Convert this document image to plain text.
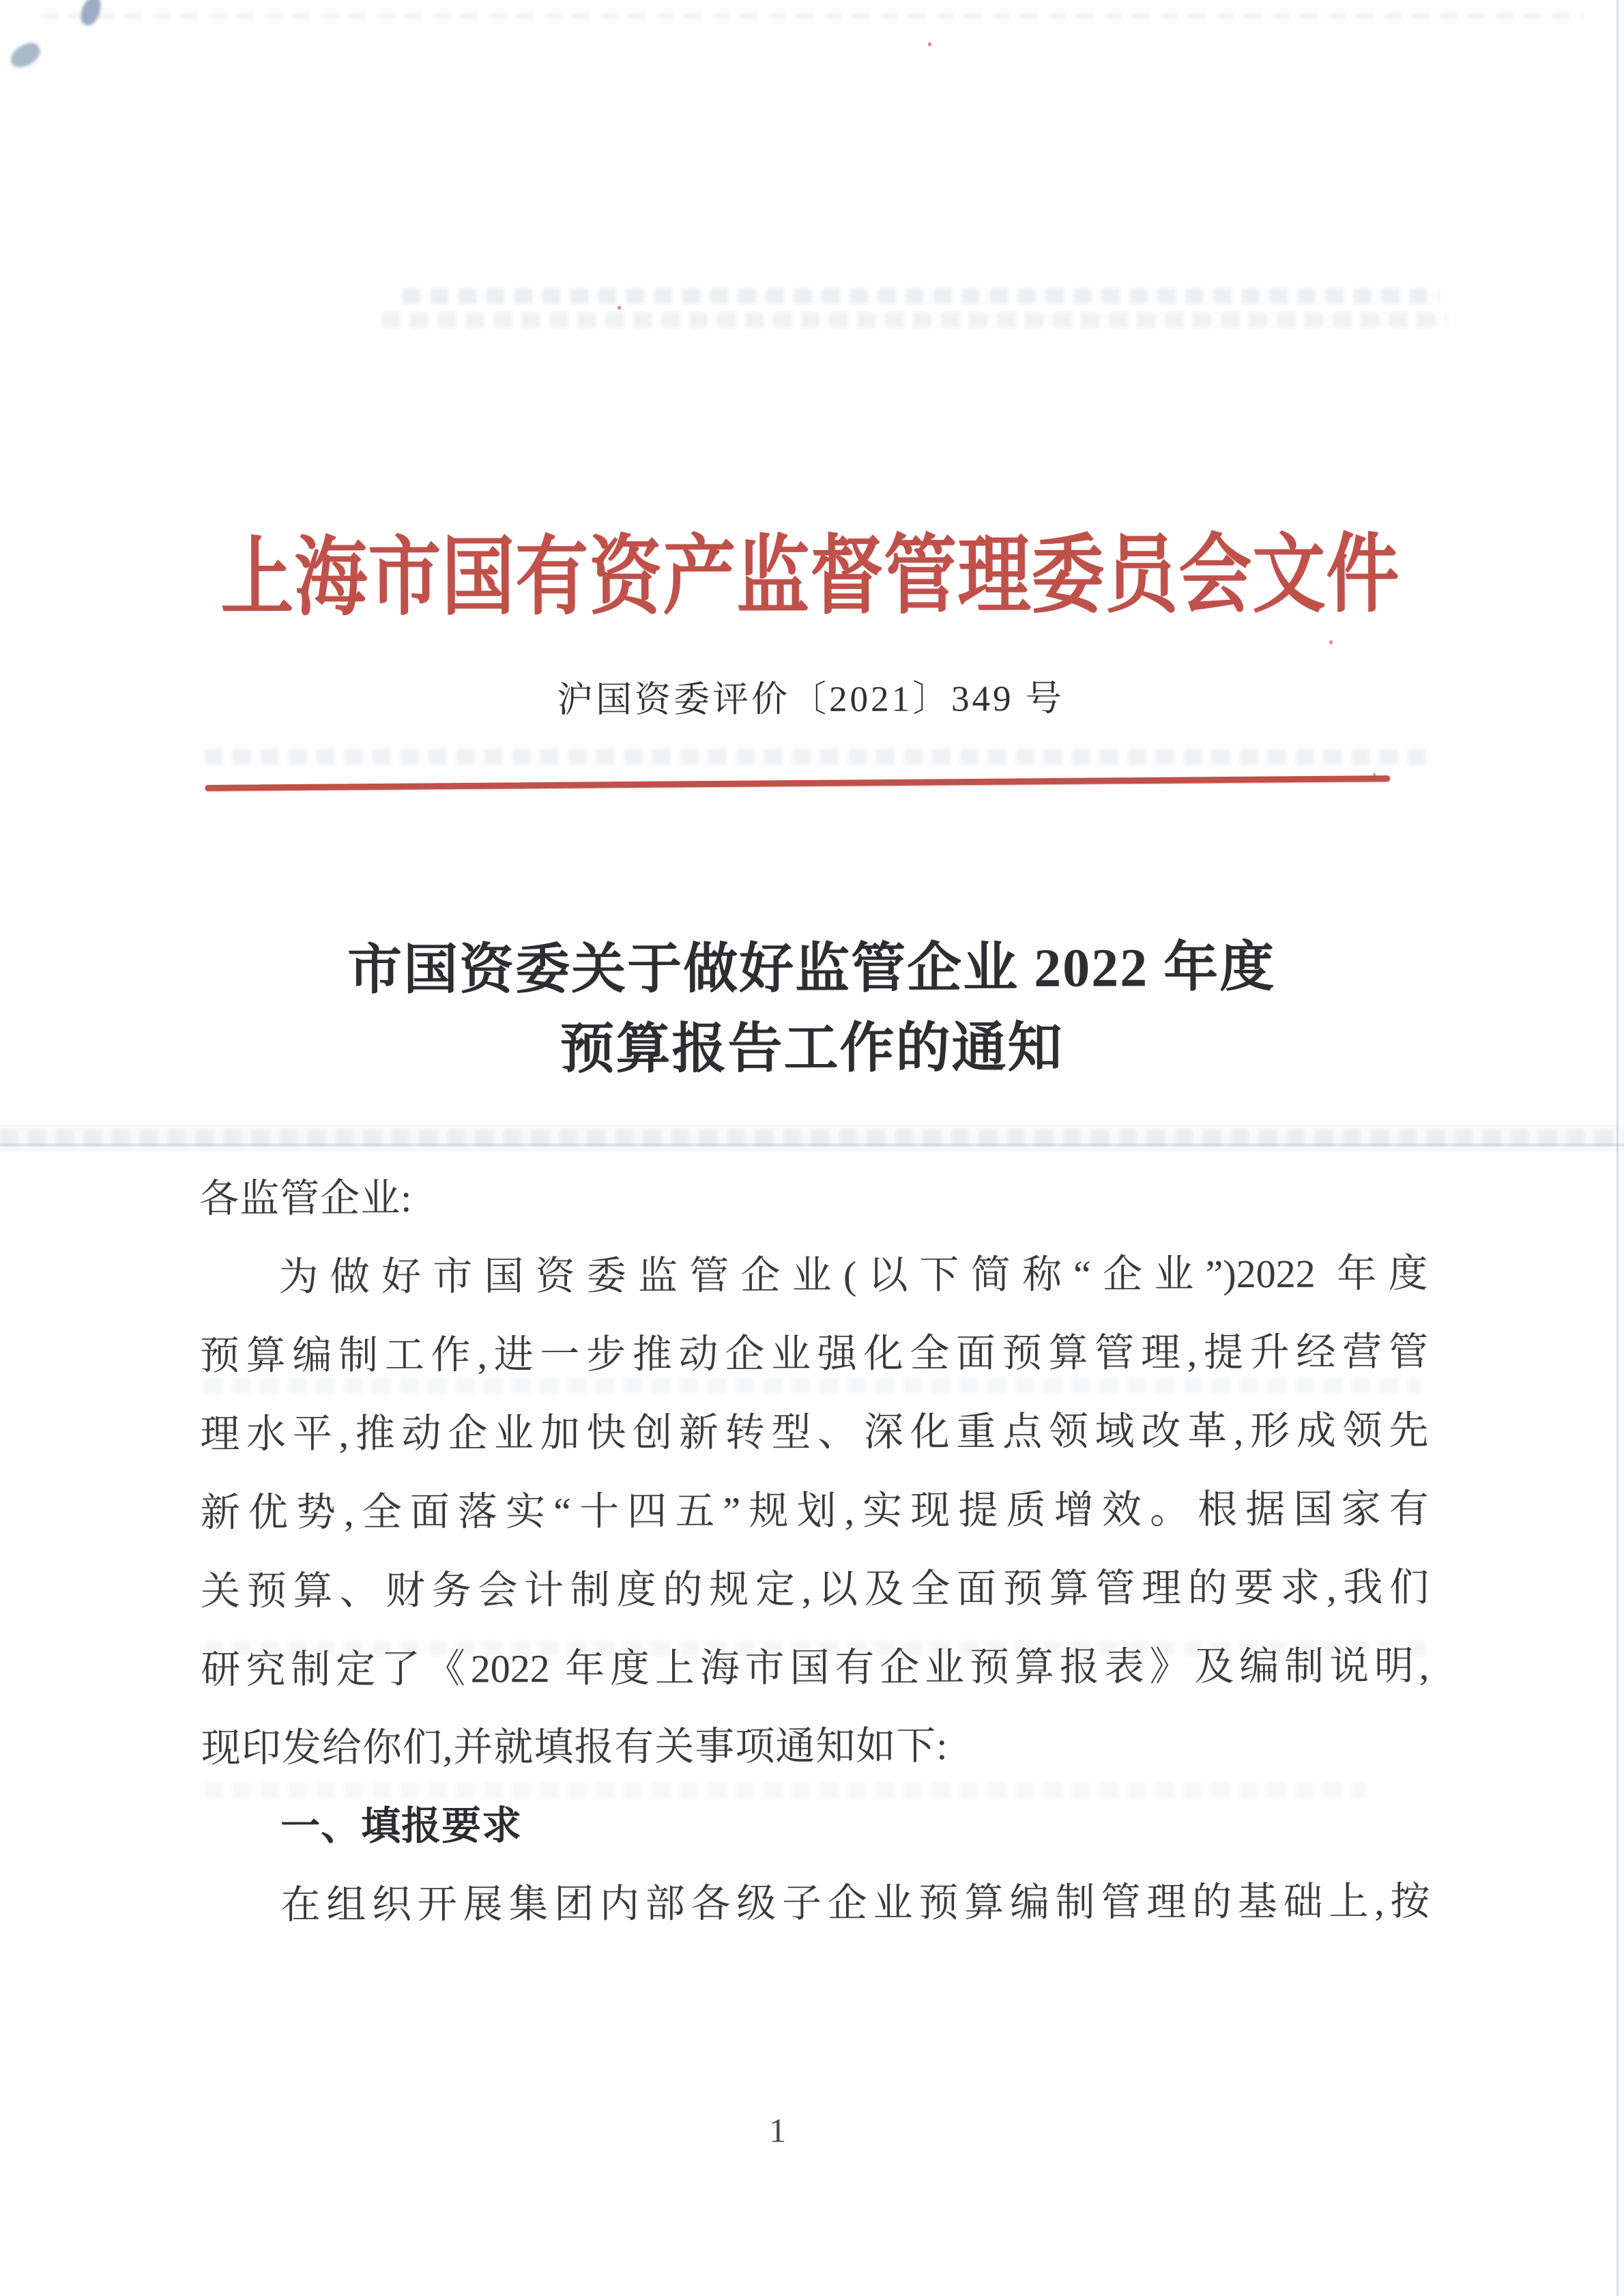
上海市国有资产监督管理委员会文件
沪国资委评价〔2021〕349 号
市国资委关于做好监管企业 2022 年度
预算报告工作的通知
各监管企业:
为做好市国资委监管企业(以下简称“企业”)2022 年度
预算编制工作,进一步推动企业强化全面预算管理,提升经营管
理水平,推动企业加快创新转型、深化重点领域改革,形成领先
新优势,全面落实“十四五”规划,实现提质增效。根据国家有
关预算、财务会计制度的规定,以及全面预算管理的要求,我们
研究制定了《2022 年度上海市国有企业预算报表》及编制说明,
现印发给你们,并就填报有关事项通知如下:
一、填报要求
在组织开展集团内部各级子企业预算编制管理的基础上,按
1
